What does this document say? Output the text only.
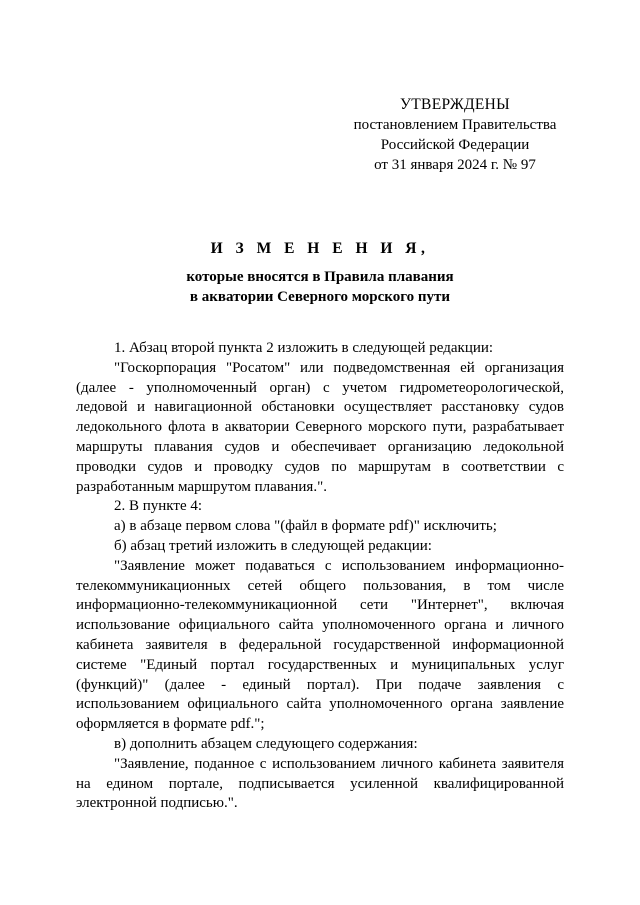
УТВЕРЖДЕНЫ
постановлением Правительства
Российской Федерации
от 31 января 2024 г. № 97
И З М Е Н Е Н И Я,
которые вносятся в Правила плавания
в акватории Северного морского пути

1. Абзац второй пункта 2 изложить в следующей редакции:

"Госкорпорация "Росатом" или подведомственная ей организация (далее - уполномоченный орган) с учетом гидрометеорологической, ледовой и навигационной обстановки осуществляет расстановку судов ледокольного флота в акватории Северного морского пути, разрабатывает маршруты плавания судов и обеспечивает организацию ледокольной проводки судов и проводку судов по маршрутам в соответствии с разработанным маршрутом плавания.".

2. В пункте 4:

а) в абзаце первом слова "(файл в формате pdf)" исключить;

б) абзац третий изложить в следующей редакции:

"Заявление может подаваться с использованием информационно-телекоммуникационных сетей общего пользования, в том числе информационно-телекоммуникационной сети "Интернет", включая использование официального сайта уполномоченного органа и личного кабинета заявителя в федеральной государственной информационной системе "Единый портал государственных и муниципальных услуг (функций)" (далее - единый портал). При подаче заявления с использованием официального сайта уполномоченного органа заявление оформляется в формате pdf.";

в) дополнить абзацем следующего содержания:

"Заявление, поданное с использованием личного кабинета заявителя на едином портале, подписывается усиленной квалифицированной электронной подписью.".
